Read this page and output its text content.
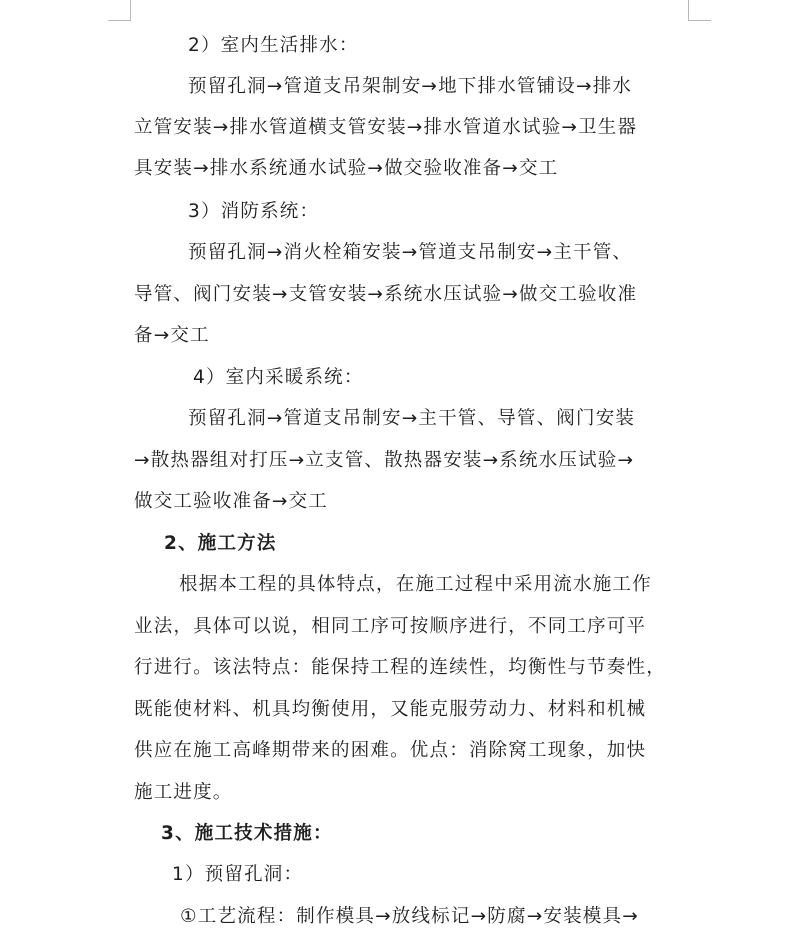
2）室内生活排水：

预留孔洞→管道支吊架制安→地下排水管铺设→排水

立管安装→排水管道横支管安装→排水管道水试验→卫生器

具安装→排水系统通水试验→做交验收准备→交工

3）消防系统：

预留孔洞→消火栓箱安装→管道支吊制安→主干管、

导管、阀门安装→支管安装→系统水压试验→做交工验收准

备→交工

4）室内采暖系统：

预留孔洞→管道支吊制安→主干管、导管、阀门安装

→散热器组对打压→立支管、散热器安装→系统水压试验→

做交工验收准备→交工

2、施工方法

根据本工程的具体特点，在施工过程中采用流水施工作

业法，具体可以说，相同工序可按顺序进行，不同工序可平

行进行。该法特点：能保持工程的连续性，均衡性与节奏性，

既能使材料、机具均衡使用，又能克服劳动力、材料和机械

供应在施工高峰期带来的困难。优点：消除窝工现象，加快

施工进度。

3、施工技术措施：

1）预留孔洞：

①工艺流程：制作模具→放线标记→防腐→安装模具→
